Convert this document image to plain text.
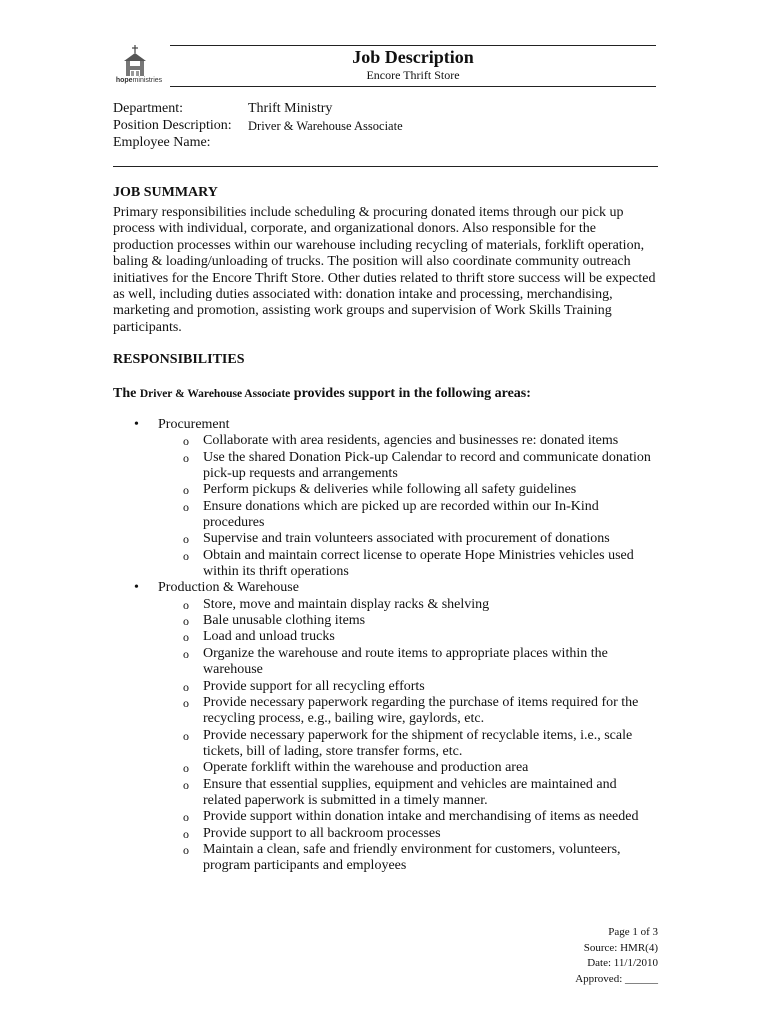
hopeministries
Job Description
Encore Thrift Store
Department:	Thrift Ministry
Position Description: Driver & Warehouse Associate
Employee Name:
JOB SUMMARY
Primary responsibilities include scheduling & procuring donated items through our pick up process with individual, corporate, and organizational donors. Also responsible for the production processes within our warehouse including recycling of materials, forklift operation, baling & loading/unloading of trucks. The position will also coordinate community outreach initiatives for the Encore Thrift Store. Other duties related to thrift store success will be expected as well, including duties associated with: donation intake and processing, merchandising, marketing and promotion, assisting work groups and supervision of Work Skills Training participants.
RESPONSIBILITIES
The Driver & Warehouse Associate provides support in the following areas:
• Procurement
o Collaborate with area residents, agencies and businesses re: donated items
o Use the shared Donation Pick-up Calendar to record and communicate donation pick-up requests and arrangements
o Perform pickups & deliveries while following all safety guidelines
o Ensure donations which are picked up are recorded within our In-Kind procedures
o Supervise and train volunteers associated with procurement of donations
o Obtain and maintain correct license to operate Hope Ministries vehicles used within its thrift operations
• Production & Warehouse
o Store, move and maintain display racks & shelving
o Bale unusable clothing items
o Load and unload trucks
o Organize the warehouse and route items to appropriate places within the warehouse
o Provide support for all recycling efforts
o Provide necessary paperwork regarding the purchase of items required for the recycling process, e.g., bailing wire, gaylords, etc.
o Provide necessary paperwork for the shipment of recyclable items, i.e., scale tickets, bill of lading, store transfer forms, etc.
o Operate forklift within the warehouse and production area
o Ensure that essential supplies, equipment and vehicles are maintained and related paperwork is submitted in a timely manner.
o Provide support within donation intake and merchandising of items as needed
o Provide support to all backroom processes
o Maintain a clean, safe and friendly environment for customers, volunteers, program participants and employees
Page 1 of 3
Source: HMR(4)
Date: 11/1/2010
Approved: ______
